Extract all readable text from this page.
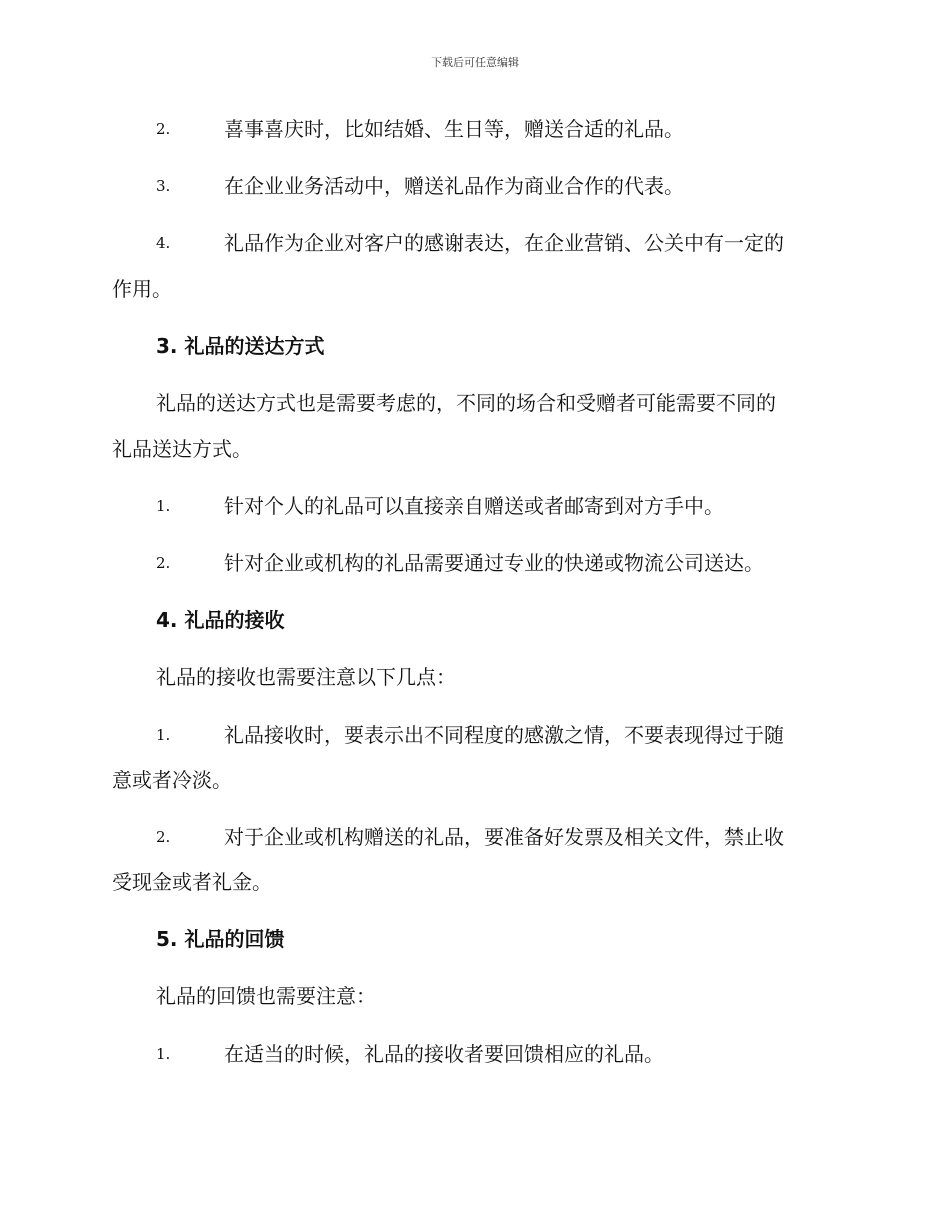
下载后可任意编辑
2.	喜事喜庆时，比如结婚、生日等，赠送合适的礼品。
3.	在企业业务活动中，赠送礼品作为商业合作的代表。
4.	礼品作为企业对客户的感谢表达，在企业营销、公关中有一定的
作用。
3. 礼品的送达方式
礼品的送达方式也是需要考虑的，不同的场合和受赠者可能需要不同的
礼品送达方式。
1.	针对个人的礼品可以直接亲自赠送或者邮寄到对方手中。
2.	针对企业或机构的礼品需要通过专业的快递或物流公司送达。
4. 礼品的接收
礼品的接收也需要注意以下几点：
1.	礼品接收时，要表示出不同程度的感激之情，不要表现得过于随
意或者冷淡。
2.	对于企业或机构赠送的礼品，要准备好发票及相关文件，禁止收
受现金或者礼金。
5. 礼品的回馈
礼品的回馈也需要注意：
1.	在适当的时候，礼品的接收者要回馈相应的礼品。
